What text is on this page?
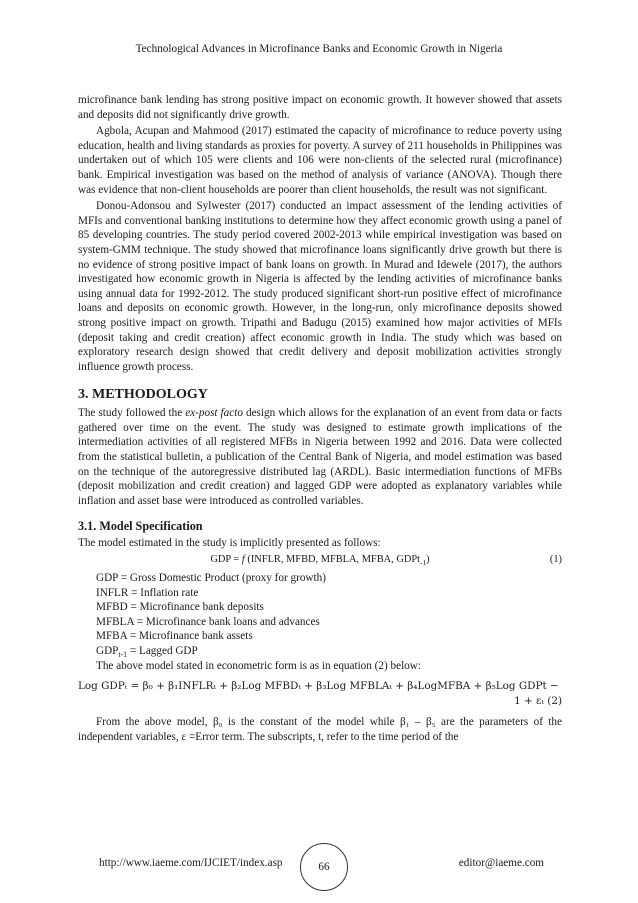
Technological Advances in Microfinance Banks and Economic Growth in Nigeria

microfinance bank lending has strong positive impact on economic growth. It however showed that assets and deposits did not significantly drive growth.

Agbola, Acupan and Mahmood (2017) estimated the capacity of microfinance to reduce poverty using education, health and living standards as proxies for poverty. A survey of 211 households in Philippines was undertaken out of which 105 were clients and 106 were non-clients of the selected rural (microfinance) bank. Empirical investigation was based on the method of analysis of variance (ANOVA). Though there was evidence that non-client households are poorer than client households, the result was not significant.

Donou-Adonsou and Sylwester (2017) conducted an impact assessment of the lending activities of MFIs and conventional banking institutions to determine how they affect economic growth using a panel of 85 developing countries. The study period covered 2002-2013 while empirical investigation was based on system-GMM technique. The study showed that microfinance loans significantly drive growth but there is no evidence of strong positive impact of bank loans on growth. In Murad and Idewele (2017), the authors investigated how economic growth in Nigeria is affected by the lending activities of microfinance banks using annual data for 1992-2012. The study produced significant short-run positive effect of microfinance loans and deposits on economic growth. However, in the long-run, only microfinance deposits showed strong positive impact on growth. Tripathi and Badugu (2015) examined how major activities of MFIs (deposit taking and credit creation) affect economic growth in India. The study which was based on exploratory research design showed that credit delivery and deposit mobilization activities strongly influence growth process.

3. METHODOLOGY

The study followed the ex-post facto design which allows for the explanation of an event from data or facts gathered over time on the event. The study was designed to estimate growth implications of the intermediation activities of all registered MFBs in Nigeria between 1992 and 2016. Data were collected from the statistical bulletin, a publication of the Central Bank of Nigeria, and model estimation was based on the technique of the autoregressive distributed lag (ARDL). Basic intermediation functions of MFBs (deposit mobilization and credit creation) and lagged GDP were adopted as explanatory variables while inflation and asset base were introduced as controlled variables.

3.1. Model Specification

The model estimated in the study is implicitly presented as follows:

GDP = f (INFLR, MFBD, MFBLA, MFBA, GDPt$_{-1}$)	(1)
GDP = Gross Domestic Product (proxy for growth)
INFLR = Inflation rate
MFBD = Microfinance bank deposits
MFBLA = Microfinance bank loans and advances
MFBA = Microfinance bank assets
$GDP_{t-1}$ = Lagged GDP
The above model stated in econometric form is as in equation (2) below:
Log GDPₜ = β₀ + β₁INFLRₜ + β₂Log MFBDₜ + β₃Log MFBLAₜ + β₄LogMFBA + β₅Log GDPt −
1 + εₜ (2)

From the above model, β₀ is the constant of the model while β₁ – β₅ are the parameters of the independent variables, ε =Error term. The subscripts, t, refer to the time period of the

http://www.iaeme.com/IJCIET/index.asp	66	editor@iaeme.com
